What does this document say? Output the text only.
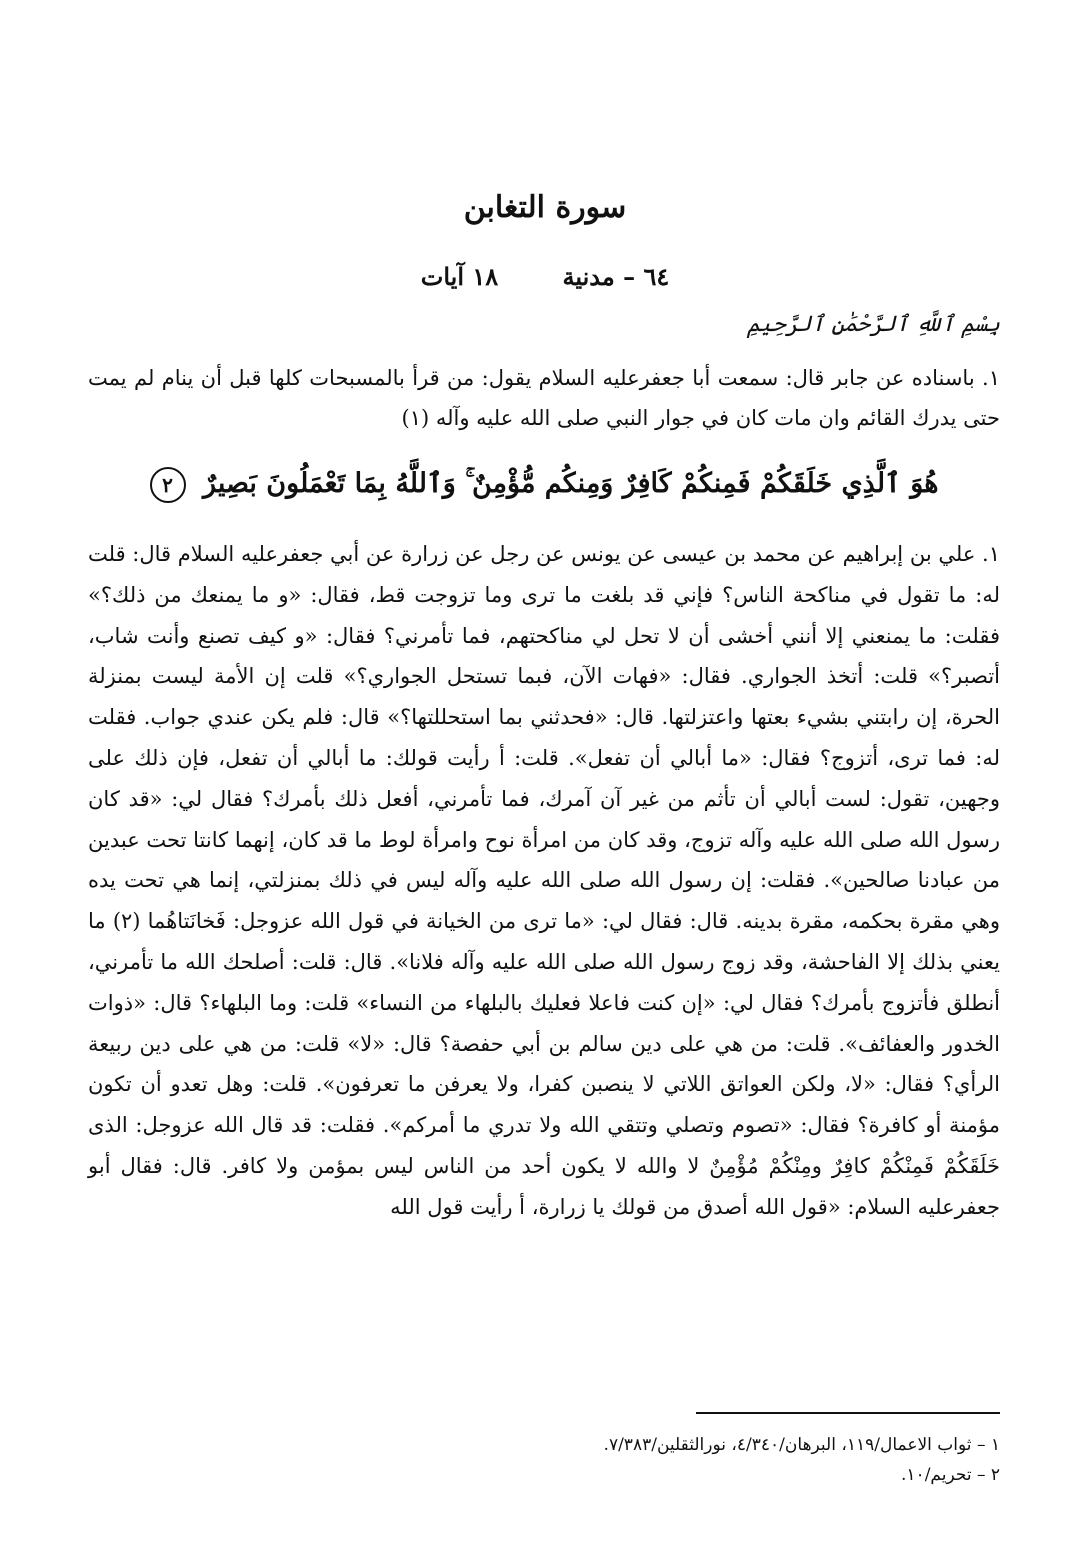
سورة التغابن
٦٤ – مدنية ١٨ آيات
بِسْمِ ٱللَّهِ ٱلرَّحْمَٰنِ ٱلرَّحِيمِ
١. باسناده عن جابر قال: سمعت أبا جعفرعليه السلام يقول: من قرأ بالمسبحات كلها قبل أن ينام لم يمت حتى يدرك القائم وان مات كان في جوار النبي صلى الله عليه وآله (١)
هُوَ ٱلَّذِي خَلَقَكُمْ فَمِنكُمْ كَافِرٌ وَمِنكُم مُّؤْمِنٌ ۚ وَٱللَّهُ بِمَا تَعْمَلُونَ بَصِيرٌ ٢
١. علي بن إبراهيم عن محمد بن عيسى عن يونس عن رجل عن زرارة عن أبي جعفرعليه السلام قال: قلت له: ما تقول في مناكحة الناس؟ فإني قد بلغت ما ترى وما تزوجت قط، فقال: «و ما يمنعك من ذلك؟» فقلت: ما يمنعني إلا أنني أخشى أن لا تحل لي مناكحتهم، فما تأمرني؟ فقال: «و كيف تصنع وأنت شاب، أتصبر؟» قلت: أتخذ الجواري. فقال: «فهات الآن، فبما تستحل الجواري؟» قلت إن الأمة ليست بمنزلة الحرة، إن رابتني بشيء بعتها واعتزلتها. قال: «فحدثني بما استحللتها؟» قال: فلم يكن عندي جواب. فقلت له: فما ترى، أتزوج؟ فقال: «ما أبالي أن تفعل». قلت: أ رأيت قولك: ما أبالي أن تفعل، فإن ذلك على وجهين، تقول: لست أبالي أن تأثم من غير آن آمرك، فما تأمرني، أفعل ذلك بأمرك؟ فقال لي: «قد كان رسول الله صلى الله عليه وآله تزوج، وقد كان من امرأة نوح وامرأة لوط ما قد كان، إنهما كانتا تحت عبدين من عبادنا صالحين». فقلت: إن رسول الله صلى الله عليه وآله ليس في ذلك بمنزلتي، إنما هي تحت يده وهي مقرة بحكمه، مقرة بدينه. قال: فقال لي: «ما ترى من الخيانة في قول الله عزوجل: فَخانَتاهُما (٢) ما يعني بذلك إلا الفاحشة، وقد زوج رسول الله صلى الله عليه وآله فلانا». قال: قلت: أصلحك الله ما تأمرني، أنطلق فأتزوج بأمرك؟ فقال لي: «إن كنت فاعلا فعليك بالبلهاء من النساء» قلت: وما البلهاء؟ قال: «ذوات الخدور والعفائف». قلت: من هي على دين سالم بن أبي حفصة؟ قال: «لا» قلت: من هي على دين ربيعة الرأي؟ فقال: «لا، ولكن العواتق اللاتي لا ينصبن كفرا، ولا يعرفن ما تعرفون». قلت: وهل تعدو أن تكون مؤمنة أو كافرة؟ فقال: «تصوم وتصلي وتتقي الله ولا تدري ما أمركم». فقلت: قد قال الله عزوجل: الذى خَلَقَكُمْ فَمِنْكُمْ كافِرٌ ومِنْكُمْ مُؤْمِنٌ لا والله لا يكون أحد من الناس ليس بمؤمن ولا كافر. قال: فقال أبو جعفرعليه السلام: «قول الله أصدق من قولك يا زرارة، أ رأيت قول الله
١ – ثواب الاعمال/١١٩، البرهان/٤/٣٤٠، نورالثقلين/٧/٣٨٣.
٢ – تحريم/١٠.
